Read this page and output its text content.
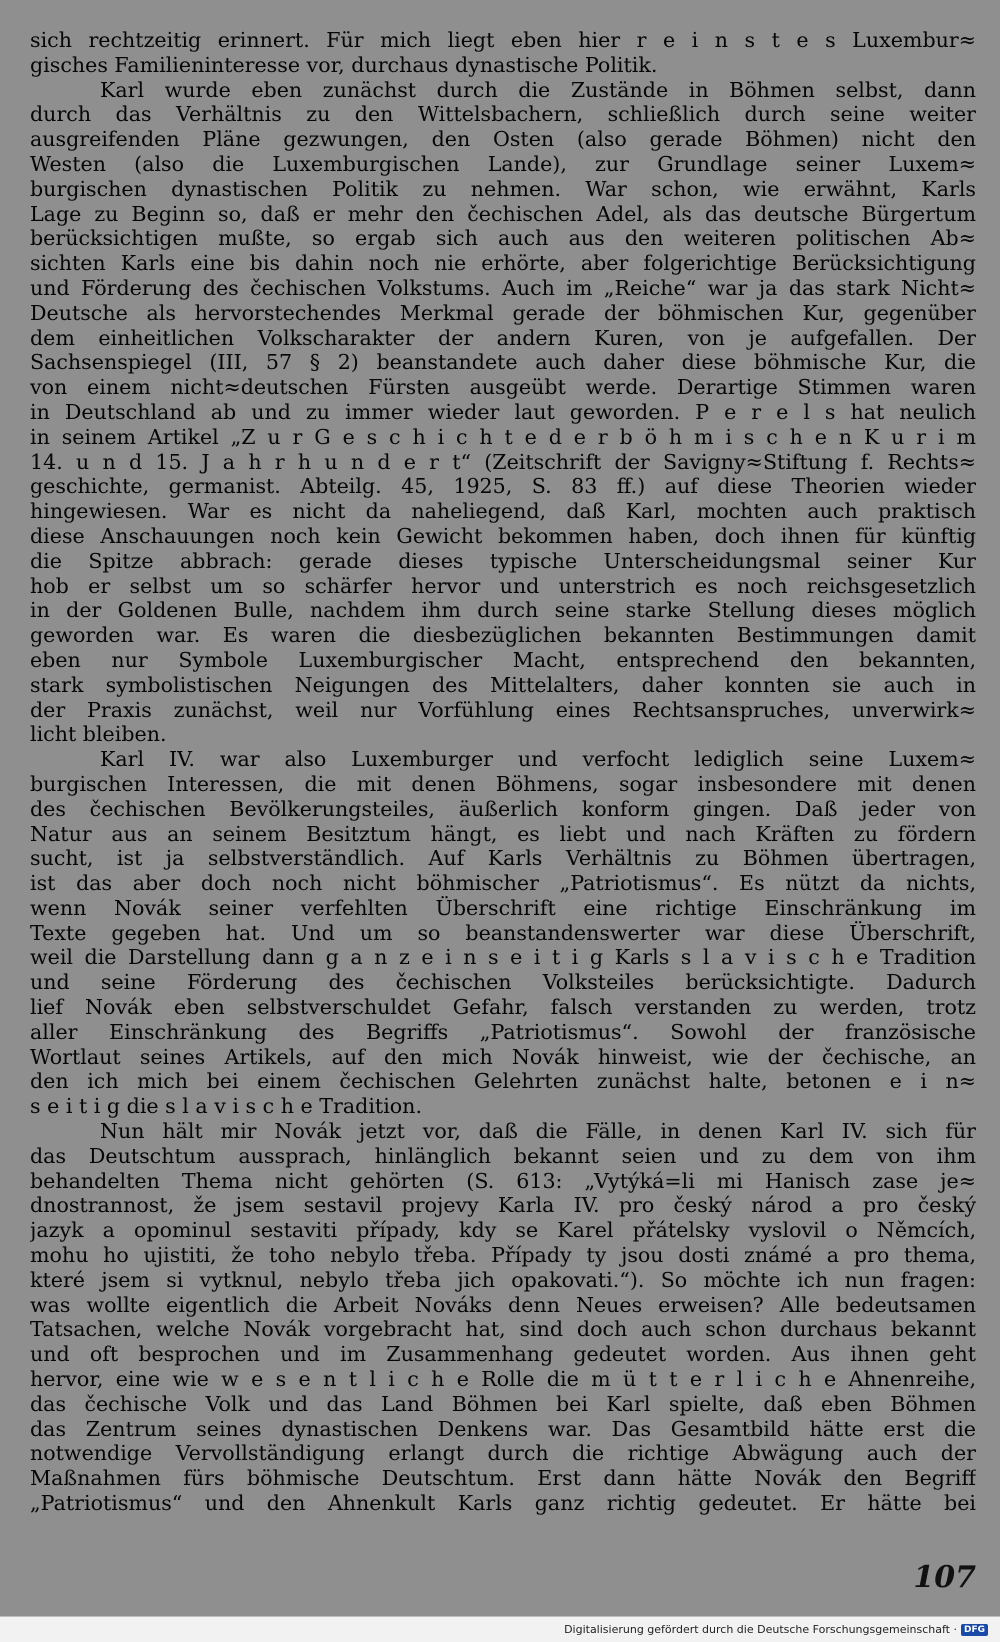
sich rechtzeitig erinnert. Für mich liegt eben hier r e i n s t e s Luxembur≈
gisches Familieninteresse vor, durchaus dynastische Politik.
Karl wurde eben zunächst durch die Zustände in Böhmen selbst, dann
durch das Verhältnis zu den Wittelsbachern, schließlich durch seine weiter
ausgreifenden Pläne gezwungen, den Osten (also gerade Böhmen) nicht den
Westen (also die Luxemburgischen Lande), zur Grundlage seiner Luxem≈
burgischen dynastischen Politik zu nehmen. War schon, wie erwähnt, Karls
Lage zu Beginn so, daß er mehr den čechischen Adel, als das deutsche Bürgertum
berücksichtigen mußte, so ergab sich auch aus den weiteren politischen Ab≈
sichten Karls eine bis dahin noch nie erhörte, aber folgerichtige Berücksichtigung
und Förderung des čechischen Volkstums. Auch im „Reiche“ war ja das stark Nicht≈
Deutsche als hervorstechendes Merkmal gerade der böhmischen Kur, gegenüber
dem einheitlichen Volkscharakter der andern Kuren, von je aufgefallen. Der
Sachsenspiegel (III, 57 § 2) beanstandete auch daher diese böhmische Kur, die
von einem nicht≈deutschen Fürsten ausgeübt werde. Derartige Stimmen waren
in Deutschland ab und zu immer wieder laut geworden. P e r e l s hat neulich
in seinem Artikel „Z u r G e s c h i c h t e d e r b ö h m i s c h e n K u r i m
14. u n d 15. J a h r h u n d e r t“ (Zeitschrift der Savigny≈Stiftung f. Rechts≈
geschichte, germanist. Abteilg. 45, 1925, S. 83 ff.) auf diese Theorien wieder
hingewiesen. War es nicht da naheliegend, daß Karl, mochten auch praktisch
diese Anschauungen noch kein Gewicht bekommen haben, doch ihnen für künftig
die Spitze abbrach: gerade dieses typische Unterscheidungsmal seiner Kur
hob er selbst um so schärfer hervor und unterstrich es noch reichsgesetzlich
in der Goldenen Bulle, nachdem ihm durch seine starke Stellung dieses möglich
geworden war. Es waren die diesbezüglichen bekannten Bestimmungen damit
eben nur Symbole Luxemburgischer Macht, entsprechend den bekannten,
stark symbolistischen Neigungen des Mittelalters, daher konnten sie auch in
der Praxis zunächst, weil nur Vorfühlung eines Rechtsanspruches, unverwirk≈
licht bleiben.
Karl IV. war also Luxemburger und verfocht lediglich seine Luxem≈
burgischen Interessen, die mit denen Böhmens, sogar insbesondere mit denen
des čechischen Bevölkerungsteiles, äußerlich konform gingen. Daß jeder von
Natur aus an seinem Besitztum hängt, es liebt und nach Kräften zu fördern
sucht, ist ja selbstverständlich. Auf Karls Verhältnis zu Böhmen übertragen,
ist das aber doch noch nicht böhmischer „Patriotismus“. Es nützt da nichts,
wenn Novák seiner verfehlten Überschrift eine richtige Einschränkung im
Texte gegeben hat. Und um so beanstandenswerter war diese Überschrift,
weil die Darstellung dann g a n z e i n s e i t i g Karls s l a v i s c h e Tradition
und seine Förderung des čechischen Volksteiles berücksichtigte. Dadurch
lief Novák eben selbstverschuldet Gefahr, falsch verstanden zu werden, trotz
aller Einschränkung des Begriffs „Patriotismus“. Sowohl der französische
Wortlaut seines Artikels, auf den mich Novák hinweist, wie der čechische, an
den ich mich bei einem čechischen Gelehrten zunächst halte, betonen e i n≈
s e i t i g die s l a v i s c h e Tradition.
Nun hält mir Novák jetzt vor, daß die Fälle, in denen Karl IV. sich für
das Deutschtum aussprach, hinlänglich bekannt seien und zu dem von ihm
behandelten Thema nicht gehörten (S. 613: „Vytýká=li mi Hanisch zase je≈
dnostrannost, že jsem sestavil projevy Karla IV. pro český národ a pro český
jazyk a opominul sestaviti případy, kdy se Karel přátelsky vyslovil o Němcích,
mohu ho ujistiti, že toho nebylo třeba. Případy ty jsou dosti známé a pro thema,
které jsem si vytknul, nebylo třeba jich opakovati.“). So möchte ich nun fragen:
was wollte eigentlich die Arbeit Nováks denn Neues erweisen? Alle bedeutsamen
Tatsachen, welche Novák vorgebracht hat, sind doch auch schon durchaus bekannt
und oft besprochen und im Zusammenhang gedeutet worden. Aus ihnen geht
hervor, eine wie w e s e n t l i c h e Rolle die m ü t t e r l i c h e Ahnenreihe,
das čechische Volk und das Land Böhmen bei Karl spielte, daß eben Böhmen
das Zentrum seines dynastischen Denkens war. Das Gesamtbild hätte erst die
notwendige Vervollständigung erlangt durch die richtige Abwägung auch der
Maßnahmen fürs böhmische Deutschtum. Erst dann hätte Novák den Begriff
„Patriotismus“ und den Ahnenkult Karls ganz richtig gedeutet. Er hätte bei
107
Digitalisierung gefördert durch die Deutsche Forschungsgemeinschaft · DFG
